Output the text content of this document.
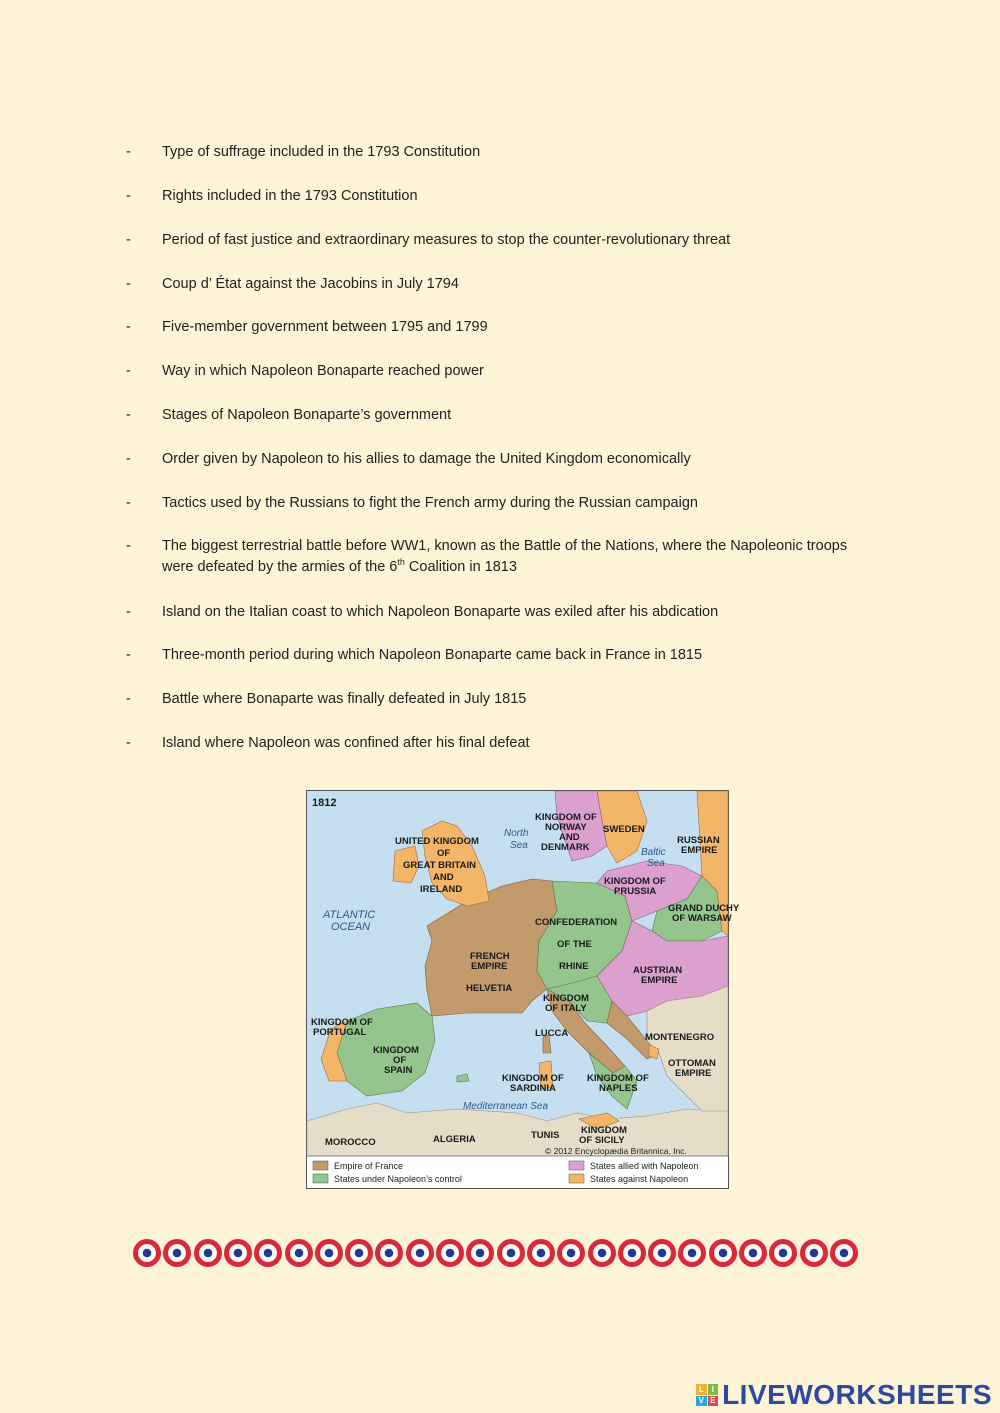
-	Type of suffrage included in the 1793 Constitution
-	Rights included in the 1793 Constitution
-	Period of fast justice and extraordinary measures to stop the counter-revolutionary threat
-	Coup d’ État against the Jacobins in July 1794
-	Five-member government between 1795 and 1799
-	Way in which Napoleon Bonaparte reached power
-	Stages of Napoleon Bonaparte’s government
-	Order given by Napoleon to his allies to damage the United Kingdom economically
-	Tactics used by the Russians to fight the French army during the Russian campaign
-	The biggest terrestrial battle before WW1, known as the Battle of the Nations, where the Napoleonic troops
were defeated by the armies of the 6th Coalition in 1813
-	Island on the Italian coast to which Napoleon Bonaparte was exiled after his abdication
-	Three-month period during which Napoleon Bonaparte came back in France in 1815
-	Battle where Bonaparte was finally defeated in July 1815
-	Island where Napoleon was confined after his final defeat
1812
UNITED KINGDOM
OF
GREAT BRITAIN
AND
IRELAND
KINGDOM OF
NORWAY
AND
DENMARK
SWEDEN
RUSSIAN
EMPIRE
KINGDOM OF
PRUSSIA
GRAND DUCHY
OF WARSAW
CONFEDERATION
OF THE
RHINE
FRENCH
EMPIRE
HELVETIA
AUSTRIAN
EMPIRE
KINGDOM
OF ITALY
LUCCA	MONTENEGRO
OTTOMAN
EMPIRE
KINGDOM OF
PORTUGAL
KINGDOM
OF
SPAIN
KINGDOM OF
SARDINIA
KINGDOM OF
NAPLES
MOROCCO	ALGERIA	TUNIS KINGDOM
OF SICILY
North
Sea
Baltic
Sea
ATLANTIC
OCEAN
Mediterranean Sea
© 2012 Encyclopædia Britannica, Inc.
Empire of France
States under Napoleon’s control
States allied with Napoleon
States against Napoleon
L I
V E LIVEWORKSHEETS
